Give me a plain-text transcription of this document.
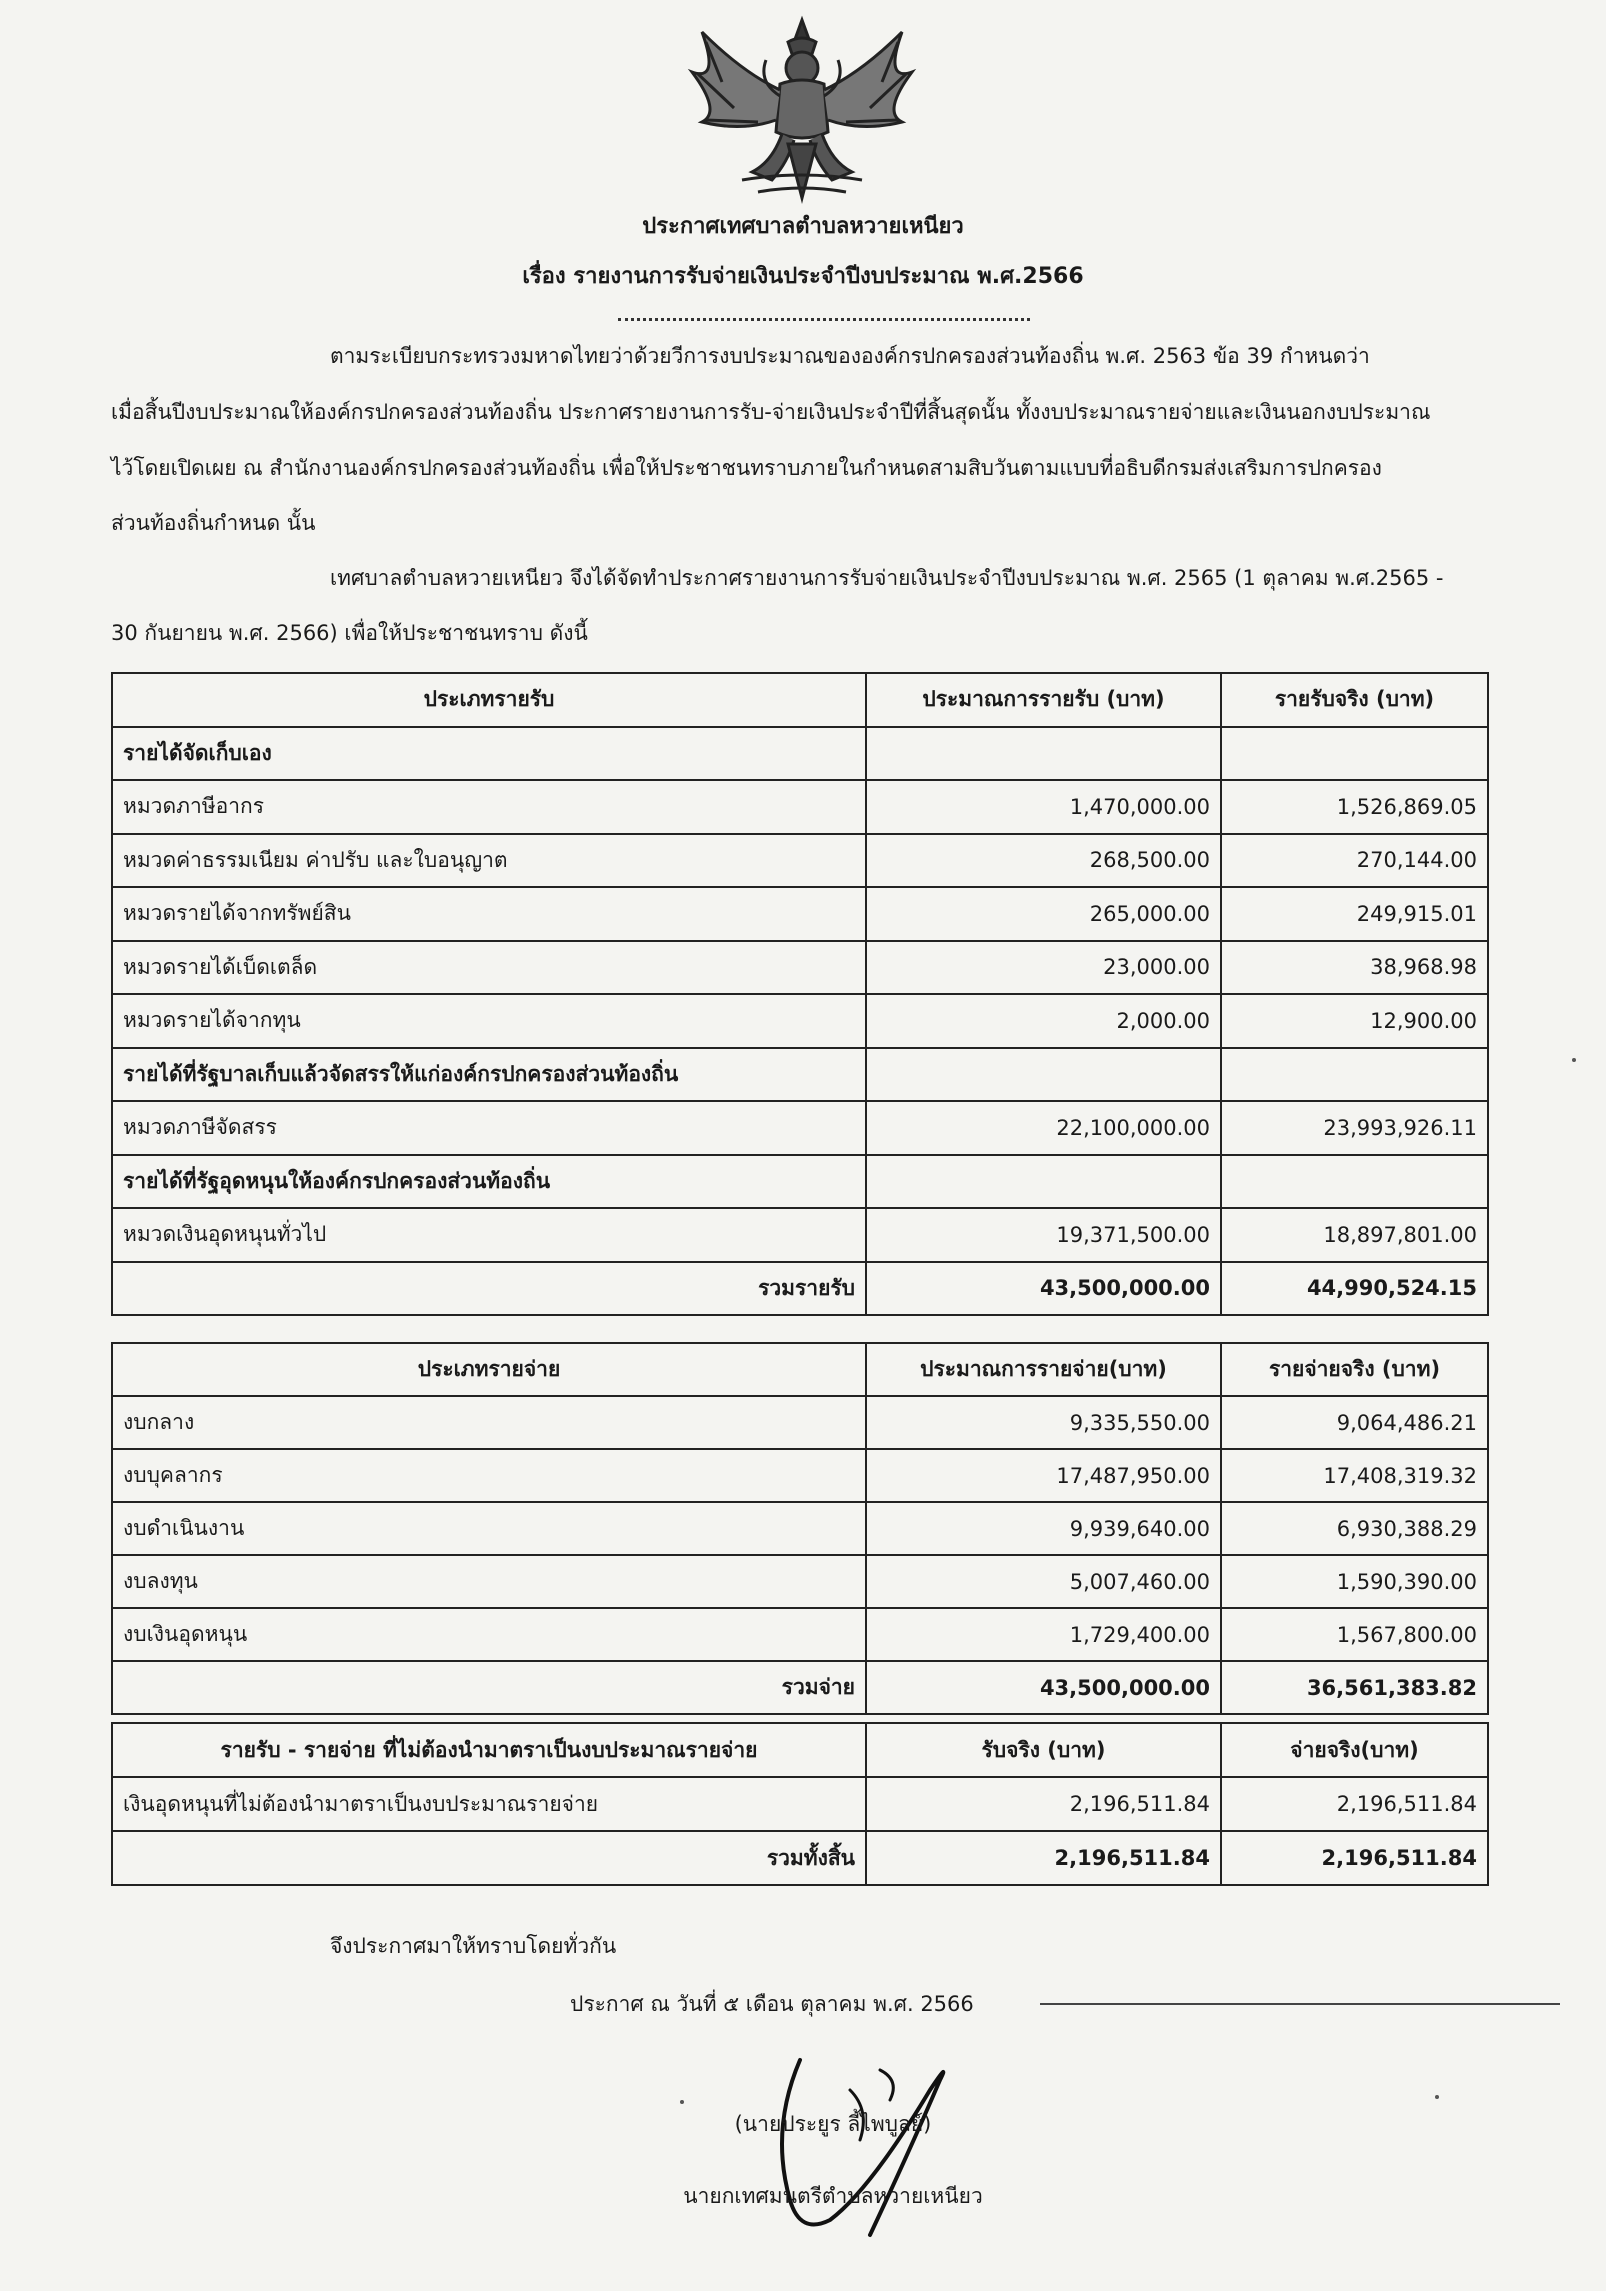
ประกาศเทศบาลตำบลหวายเหนียว
เรื่อง รายงานการรับจ่ายเงินประจำปีงบประมาณ พ.ศ.2566
ตามระเบียบกระทรวงมหาดไทยว่าด้วยวีการงบประมาณขององค์กรปกครองส่วนท้องถิ่น พ.ศ. 2563 ข้อ 39 กำหนดว่า
เมื่อสิ้นปีงบประมาณให้องค์กรปกครองส่วนท้องถิ่น ประกาศรายงานการรับ-จ่ายเงินประจำปีที่สิ้นสุดนั้น ทั้งงบประมาณรายจ่ายและเงินนอกงบประมาณ
ไว้โดยเปิดเผย ณ สำนักงานองค์กรปกครองส่วนท้องถิ่น เพื่อให้ประชาชนทราบภายในกำหนดสามสิบวันตามแบบที่อธิบดีกรมส่งเสริมการปกครอง
ส่วนท้องถิ่นกำหนด นั้น
เทศบาลตำบลหวายเหนียว จึงได้จัดทำประกาศรายงานการรับจ่ายเงินประจำปีงบประมาณ พ.ศ. 2565 (1 ตุลาคม พ.ศ.2565 -
30 กันยายน พ.ศ. 2566) เพื่อให้ประชาชนทราบ ดังนี้
ประเภทรายรับ	ประมาณการรายรับ (บาท)	รายรับจริง (บาท)
รายได้จัดเก็บเอง		
หมวดภาษีอากร	1,470,000.00	1,526,869.05
หมวดค่าธรรมเนียม ค่าปรับ และใบอนุญาต	268,500.00	270,144.00
หมวดรายได้จากทรัพย์สิน	265,000.00	249,915.01
หมวดรายได้เบ็ดเตล็ด	23,000.00	38,968.98
หมวดรายได้จากทุน	2,000.00	12,900.00
รายได้ที่รัฐบาลเก็บแล้วจัดสรรให้แก่องค์กรปกครองส่วนท้องถิ่น		
หมวดภาษีจัดสรร	22,100,000.00	23,993,926.11
รายได้ที่รัฐอุดหนุนให้องค์กรปกครองส่วนท้องถิ่น		
หมวดเงินอุดหนุนทั่วไป	19,371,500.00	18,897,801.00
รวมรายรับ	43,500,000.00	44,990,524.15
ประเภทรายจ่าย	ประมาณการรายจ่าย(บาท)	รายจ่ายจริง (บาท)
งบกลาง	9,335,550.00	9,064,486.21
งบบุคลากร	17,487,950.00	17,408,319.32
งบดำเนินงาน	9,939,640.00	6,930,388.29
งบลงทุน	5,007,460.00	1,590,390.00
งบเงินอุดหนุน	1,729,400.00	1,567,800.00
รวมจ่าย	43,500,000.00	36,561,383.82
รายรับ - รายจ่าย ที่ไม่ต้องนำมาตราเป็นงบประมาณรายจ่าย	รับจริง (บาท)	จ่ายจริง(บาท)
เงินอุดหนุนที่ไม่ต้องนำมาตราเป็นงบประมาณรายจ่าย	2,196,511.84	2,196,511.84
รวมทั้งสิ้น	2,196,511.84	2,196,511.84
จึงประกาศมาให้ทราบโดยทั่วกัน
ประกาศ ณ วันที่ ๕ เดือน ตุลาคม พ.ศ. 2566
(นายประยูร ลี้ไพบูลย์)
นายกเทศมนตรีตำบลหวายเหนียว
